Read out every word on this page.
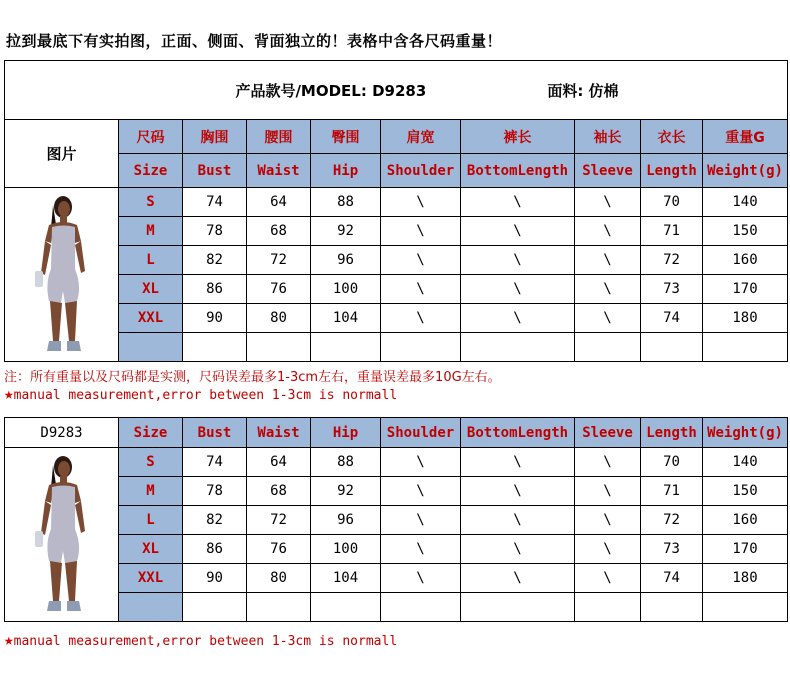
拉到最底下有实拍图，正面、侧面、背面独立的！表格中含各尺码重量！
产品款号/MODEL: D9283 面料: 仿棉									
图片	尺码	胸围	腰围	臀围	肩宽	裤长	袖长	衣长	重量G
	Size	Bust	Waist	Hip	Shoulder	BottomLength	Sleeve	Length	Weight(g)

	S	74	64	88	\	\	\	70	140
	M	78	68	92	\	\	\	71	150
	L	82	72	96	\	\	\	72	160
	XL	86	76	100	\	\	\	73	170
	XXL	90	80	104	\	\	\	74	180

注：所有重量以及尺码都是实测，尺码误差最多1-3cm左右，重量误差最多10G左右。
★manual measurement,error between 1-3cm is normall
D9283	Size	Bust	Waist	Hip	Shoulder	BottomLength	Sleeve	Length	Weight(g)

	S	74	64	88	\	\	\	70	140
	M	78	68	92	\	\	\	71	150
	L	82	72	96	\	\	\	72	160
	XL	86	76	100	\	\	\	73	170
	XXL	90	80	104	\	\	\	74	180

★manual measurement,error between 1-3cm is normall
